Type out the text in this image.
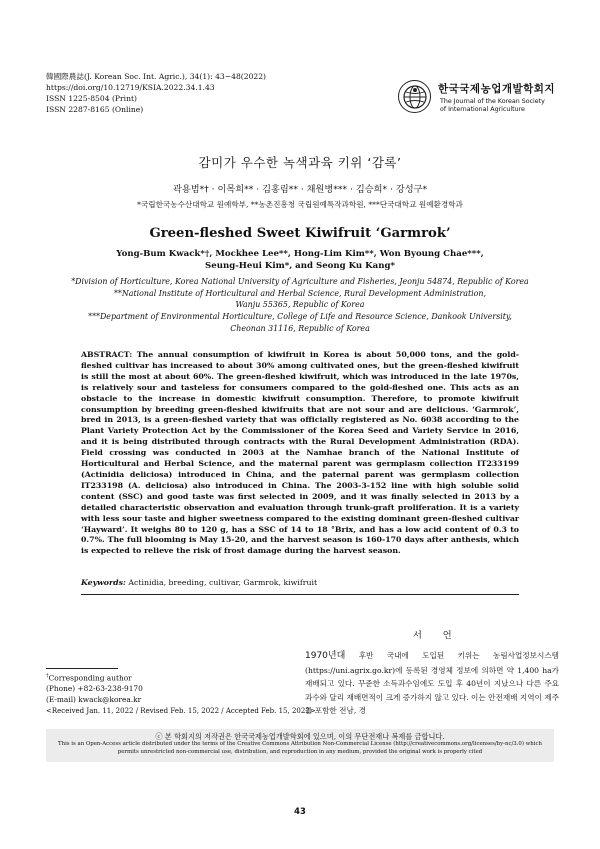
韓國際農誌(J. Korean Soc. Int. Agric.), 34(1): 43−48(2022)
https://doi.org/10.12719/KSIA.2022.34.1.43
ISSN 1225-8504 (Print)
ISSN 2287-8165 (Online)
한국국제농업개발학회지
The Journal of the Korean Society
of International Agriculture
감미가 우수한 녹색과육 키위 ‘감록’
곽용범*† · 이목희** · 김홍림** · 채원병*** · 김승희* · 강성구*
*국립한국농수산대학교 원예학부, **농촌진흥청 국립원예특작과학원, ***단국대학교 원예환경학과
Green-fleshed Sweet Kiwifruit ‘Garmrok’
Yong-Bum Kwack*†, Mockhee Lee**, Hong-Lim Kim**, Won Byoung Chae***,
Seung-Heui Kim*, and Seong Ku Kang*
*Division of Horticulture, Korea National University of Agriculture and Fisheries, Jeonju 54874, Republic of Korea
**National Institute of Horticultural and Herbal Science, Rural Development Administration,
Wanju 55365, Republic of Korea
***Department of Environmental Horticulture, College of Life and Resource Science, Dankook University,
Cheonan 31116, Republic of Korea
ABSTRACT: The annual consumption of kiwifruit in Korea is about 50,000 tons, and the gold-fleshed cultivar has increased to about 30% among cultivated ones, but the green-fleshed kiwifruit is still the most at about 60%. The green-fleshed kiwifruit, which was introduced in the late 1970s, is relatively sour and tasteless for consumers compared to the gold-fleshed one. This acts as an obstacle to the increase in domestic kiwifruit consumption. Therefore, to promote kiwifruit consumption by breeding green-fleshed kiwifruits that are not sour and are delicious. ‘Garmrok’, bred in 2013, is a green-fleshed variety that was officially registered as No. 6038 according to the Plant Variety Protection Act by the Commissioner of the Korea Seed and Variety Service in 2016, and it is being distributed through contracts with the Rural Development Administration (RDA). Field crossing was conducted in 2003 at the Namhae branch of the National Institute of Horticultural and Herbal Science, and the maternal parent was germplasm collection IT233199 (Actinidia deliciosa) introduced in China, and the paternal parent was germplasm collection IT233198 (A. deliciosa) also introduced in China. The 2003-3-152 line with high soluble solid content (SSC) and good taste was first selected in 2009, and it was finally selected in 2013 by a detailed characteristic observation and evaluation through trunk-graft proliferation. It is a variety with less sour taste and higher sweetness compared to the existing dominant green-fleshed cultivar ‘Hayward’. It weighs 80 to 120 g, has a SSC of 14 to 18 °Brix, and has a low acid content of 0.3 to 0.7%. The full blooming is May 15-20, and the harvest season is 160-170 days after anthesis, which is expected to relieve the risk of frost damage during the harvest season.
Keywords: Actinidia, breeding, cultivar, Garmrok, kiwifruit
서 언
1970년대 후반 국내에 도입된 키위는 농림사업정보시스템 (https://uni.agrix.go.kr)에 등록된 경영체 정보에 의하면 약 1,400 ha가 재배되고 있다. 꾸준한 소득과수임에도 도입 후 40년이 지났으나 다른 주요 과수와 달리 재배면적이 크게 증가하지 않고 있다. 이는 안전재배 지역이 제주를 포함한 전남, 경
†Corresponding author
(Phone) +82-63-238-9170
(E-mail) kwack@korea.kr
<Received Jan. 11, 2022 / Revised Feb. 15, 2022 / Accepted Feb. 15, 2022>
ⓒ 본 학회지의 저작권은 한국국제농업개발학회에 있으며, 이의 무단전재나 복제를 금합니다.
This is an Open-Access article distributed under the terms of the Creative Commons Attribution Non-Commercial License (http://creativecommons.org/licenses/by-nc/3.0) which
permits unrestricted non-commercial use, distribution, and reproduction in any medium, provided the original work is properly cited
43
